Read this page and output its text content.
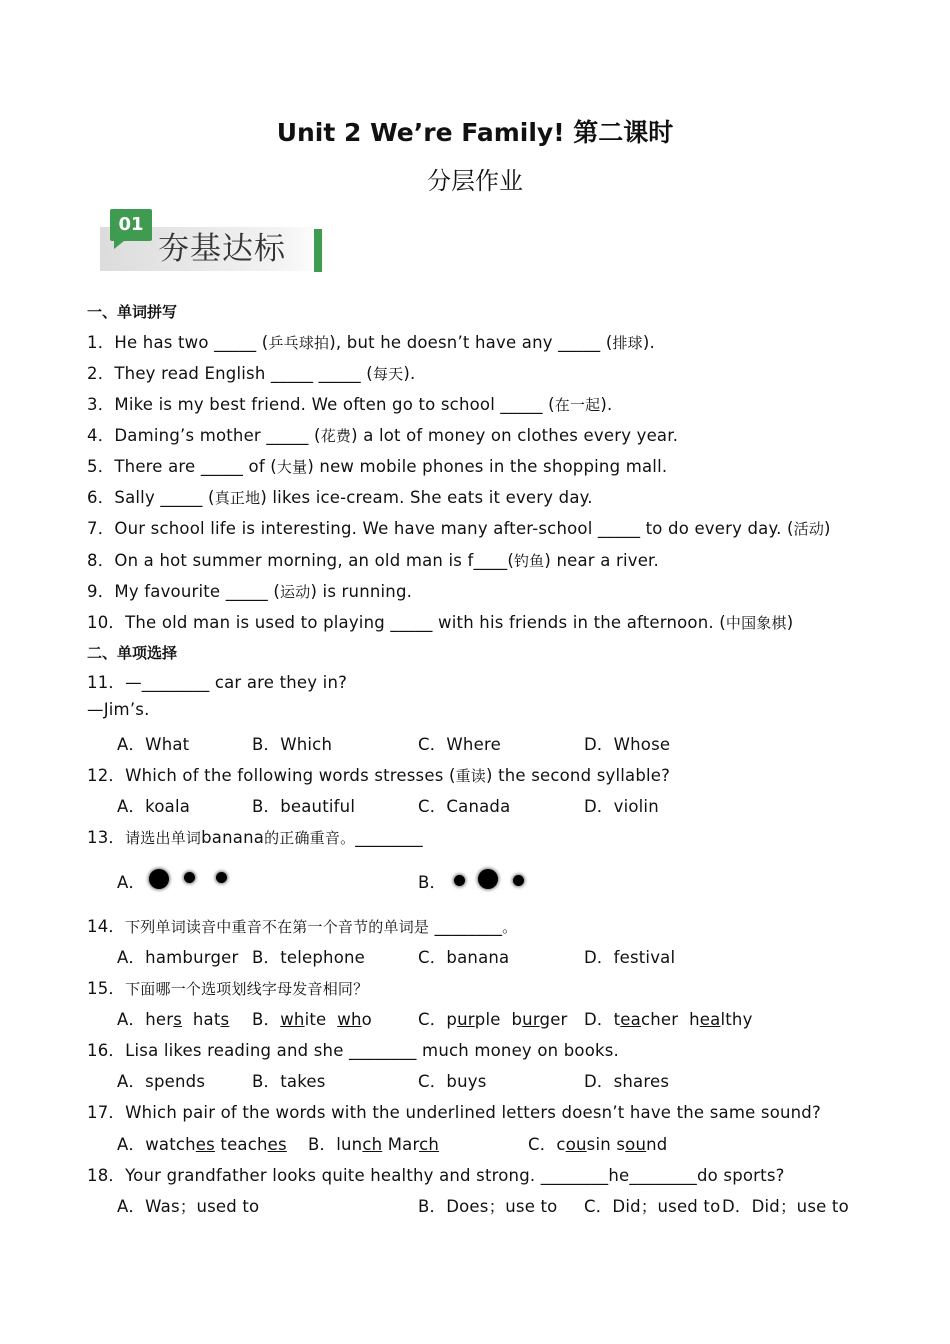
Unit 2 We’re Family! 第二课时
分层作业
01
夯基达标
一、单词拼写
1．He has two _____ (乒乓球拍), but he doesn’t have any _____ (排球).
2．They read English _____ _____ (每天).
3．Mike is my best friend. We often go to school _____ (在一起).
4．Daming’s mother _____ (花费) a lot of money on clothes every year.
5．There are _____ of (大量) new mobile phones in the shopping mall.
6．Sally _____ (真正地) likes ice-cream. She eats it every day.
7．Our school life is interesting. We have many after-school _____ to do every day. (活动)
8．On a hot summer morning, an old man is f____(钓鱼) near a river.
9．My favourite _____ (运动) is running.
10．The old man is used to playing _____ with his friends in the afternoon. (中国象棋)
二、单项选择
11．—________ car are they in?
—Jim’s.
A．What	B．Which	C．Where	D．Whose
12．Which of the following words stresses (重读) the second syllable?
A．koala	B．beautiful	C．Canada	D．violin
13．请选出单词banana的正确重音。________
A．	B．
14．下列单词读音中重音不在第一个音节的单词是 ________。
A．hamburger B．telephone	C．banana	D．festival
15．下面哪一个选项划线字母发音相同？
A．hers hats B．white who	C．purple burger D．teacher healthy
16．Lisa likes reading and she ________ much money on books.
A．spends	B．takes	C．buys	D．shares
17．Which pair of the words with the underlined letters doesn’t have the same sound?
A．watches teaches B．lunch March	C．cousin sound
18．Your grandfather looks quite healthy and strong. ________he________do sports?
A．Was；used to	B．Does；use to C．Did；used to D．Did；use to
